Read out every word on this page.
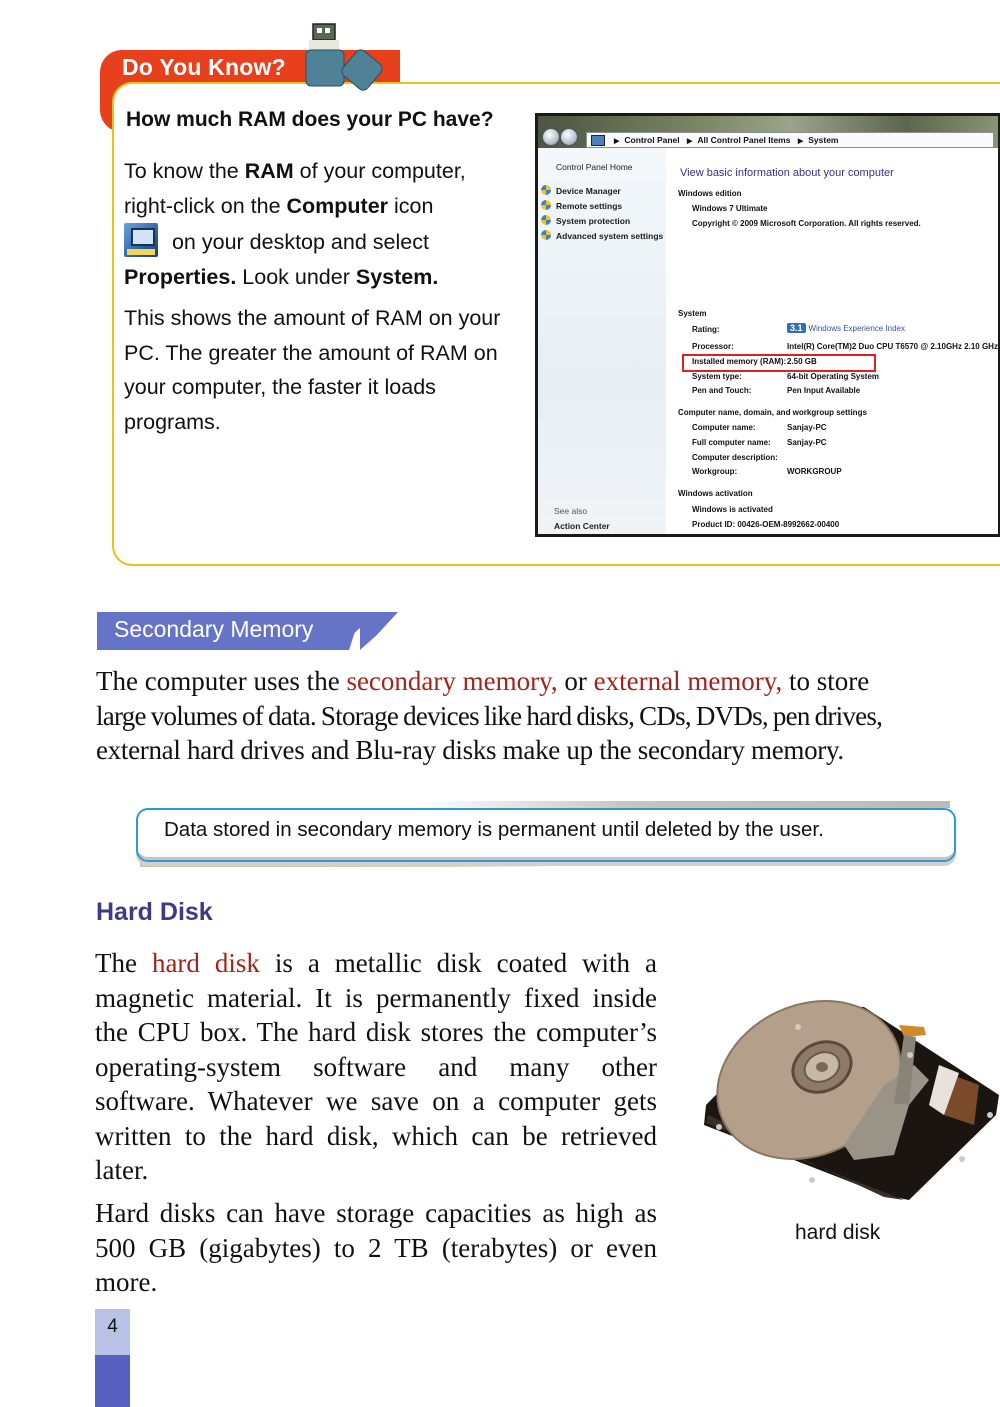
Do You Know?
How much RAM does your PC have?
To know the RAM of your computer, right-click on the Computer icon
on your desktop and select
Properties. Look under System.
This shows the amount of RAM on your PC. The greater the amount of RAM on your computer, the faster it loads programs.
▶ Control Panel ▶ All Control Panel Items ▶ System
Control Panel Home
Device Manager
Remote settings
System protection
Advanced system settings
See also
Action Center
View basic information about your computer
Windows edition
Windows 7 Ultimate
Copyright © 2009 Microsoft Corporation. All rights reserved.
System
Rating:	3.1 Windows Experience Index
Processor:	Intel(R) Core(TM)2 Duo CPU T6570 @ 2.10GHz 2.10 GHz
Installed memory (RAM): 2.50 GB
System type:	64-bit Operating System
Pen and Touch:	Pen Input Available
Computer name, domain, and workgroup settings
Computer name:	Sanjay-PC
Full computer name: Sanjay-PC
Computer description:
Workgroup:	WORKGROUP
Windows activation
Windows is activated
Product ID: 00426-OEM-8992662-00400
Secondary Memory
The computer uses the secondary memory, or external memory, to store
large volumes of data. Storage devices like hard disks, CDs, DVDs, pen drives,
external hard drives and Blu-ray disks make up the secondary memory.
Data stored in secondary memory is permanent until deleted by the user.
Hard Disk
The hard disk is a metallic disk coated with a magnetic material. It is permanently fixed inside the CPU box. The hard disk stores the computer’s operating-system software and many other software. Whatever we save on a computer gets written to the hard disk, which can be retrieved later.
Hard disks can have storage capacities as high as 500 GB (gigabytes) to 2 TB (terabytes) or even more.
hard disk
4
